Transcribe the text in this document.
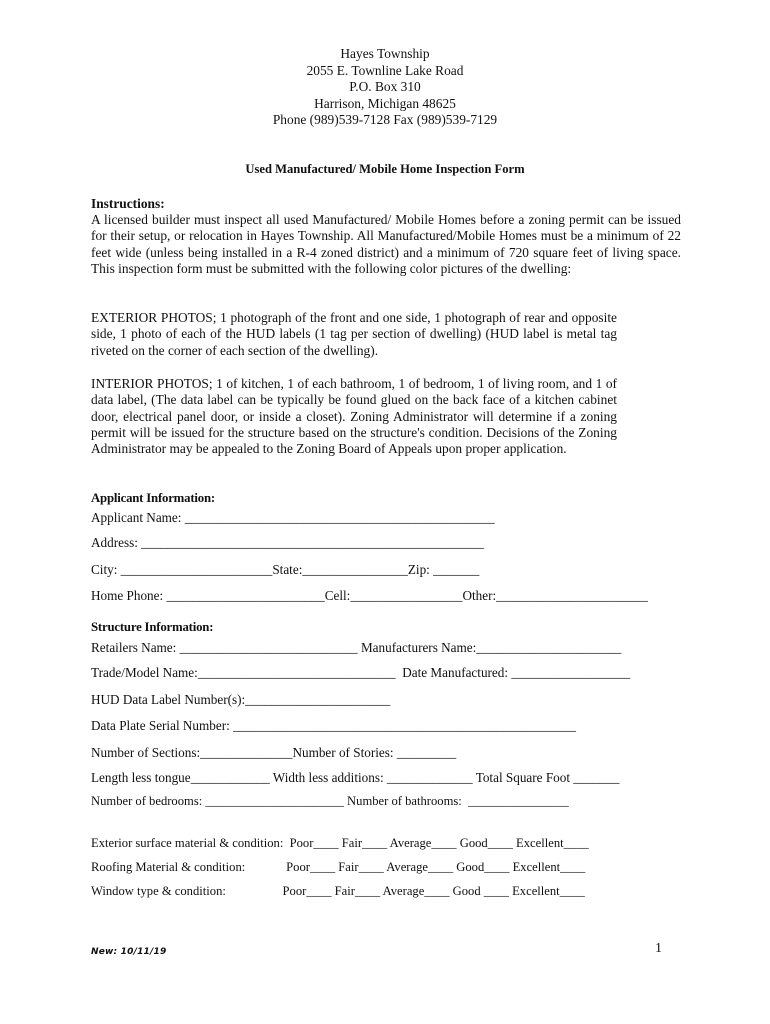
Hayes Township
2055 E. Townline Lake Road
P.O. Box 310
Harrison, Michigan 48625
Phone (989)539-7128 Fax (989)539-7129
Used Manufactured/ Mobile Home Inspection Form
Instructions:

A licensed builder must inspect all used Manufactured/ Mobile Homes before a zoning permit can be issued for their setup, or relocation in Hayes Township. All Manufactured/Mobile Homes must be a minimum of 22 feet wide (unless being installed in a R-4 zoned district) and a minimum of 720 square feet of living space. This inspection form must be submitted with the following color pictures of the dwelling:

EXTERIOR PHOTOS; 1 photograph of the front and one side, 1 photograph of rear and opposite side, 1 photo of each of the HUD labels (1 tag per section of dwelling) (HUD label is metal tag riveted on the corner of each section of the dwelling).

INTERIOR PHOTOS; 1 of kitchen, 1 of each bathroom, 1 of bedroom, 1 of living room, and 1 of data label, (The data label can be typically be found glued on the back face of a kitchen cabinet door, electrical panel door, or inside a closet). Zoning Administrator will determine if a zoning permit will be issued for the structure based on the structure's condition. Decisions of the Zoning Administrator may be appealed to the Zoning Board of Appeals upon proper application.

Applicant Information:
Applicant Name: _______________________________________________
Address: ____________________________________________________
City: _______________________State:________________Zip: _______
Home Phone: ________________________Cell:_________________Other:_______________________
Structure Information:
Retailers Name: ___________________________ Manufacturers Name:______________________
Trade/Model Name:______________________________  Date Manufactured: __________________
HUD Data Label Number(s):______________________
Data Plate Serial Number: ____________________________________________________
Number of Sections:______________Number of Stories: _________
Length less tongue____________ Width less additions: _____________ Total Square Foot _______
Number of bedrooms: ______________________ Number of bathrooms:  ________________
Exterior surface material & condition:  Poor____ Fair____ Average____ Good____ Excellent____
Roofing Material & condition:             Poor____ Fair____ Average____ Good____ Excellent____
Window type & condition:                  Poor____ Fair____ Average____ Good ____ Excellent____
New: 10/11/19	1
